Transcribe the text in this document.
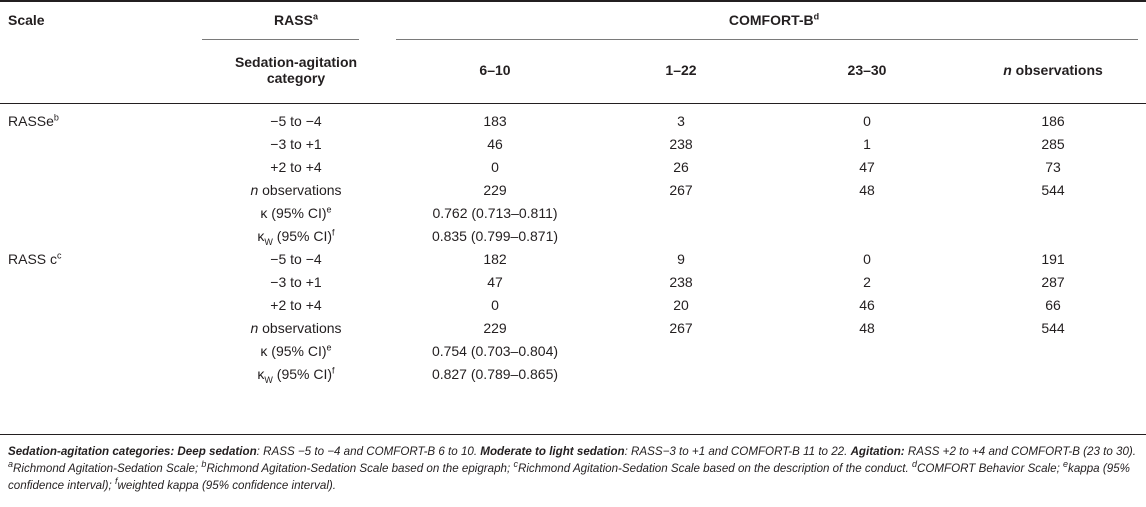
Scale	RASS$^a$	COMFORT-$B^d$
	Sedation-agitation category	6–10	1–22	23–30	n observations
RASSe$^b$	−5 to −4	183	3	0	186
	−3 to +1	46	238	1	285
	+2 to +4	0	26	47	73
	n observations	229	267	48	544
	κ (95% CI)$^e$	0.762 (0.713–0.811)			
	$\kappa_W$ (95% CI)$^f$	0.835 (0.799–0.871)			
RASS $c^c$	−5 to −4	182	9	0	191
	−3 to +1	47	238	2	287
	+2 to +4	0	20	46	66
	n observations	229	267	48	544
	κ (95% CI)$^e$	0.754 (0.703–0.804)			
	$\kappa_W$ (95% CI)$^f$	0.827 (0.789–0.865)			
Sedation-agitation categories: Deep sedation: RASS −5 to −4 and COMFORT-B 6 to 10. Moderate to light sedation: RASS−3 to +1 and COMFORT-B 11 to 22. Agitation: RASS +2 to +4 and COMFORT-B (23 to 30). $^a$Richmond Agitation-Sedation Scale; $^b$Richmond Agitation-Sedation Scale based on the epigraph; $^c$Richmond Agitation-Sedation Scale based on the description of the conduct. $^d$COMFORT Behavior Scale; $^e$kappa (95% confidence interval); $^f$weighted kappa (95% confidence interval).
